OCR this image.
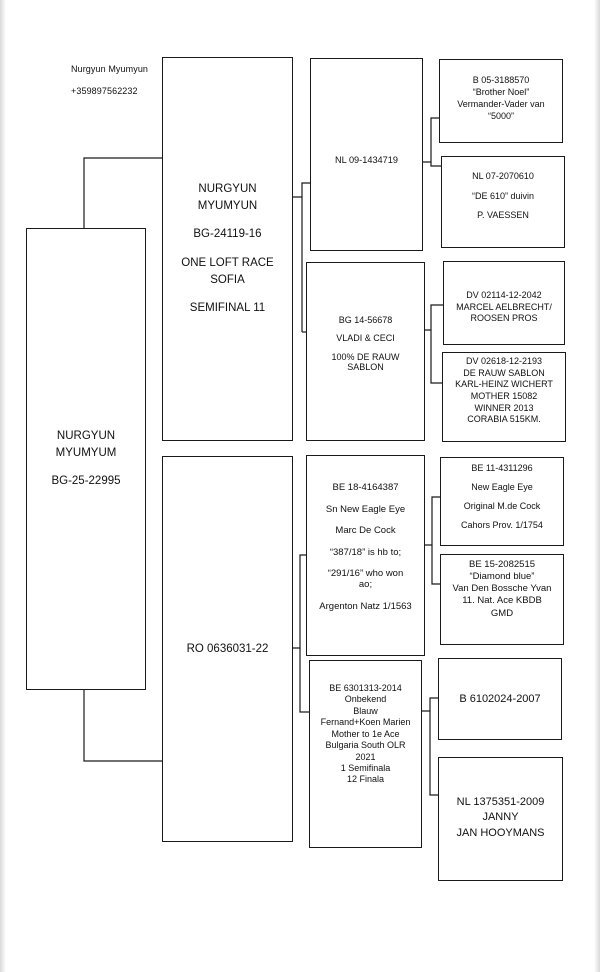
Nurgyun Myumyun
+359897562232
NURGYUN
MYUMYUM
BG-25-22995
NURGYUN
MYUMYUN
BG-24119-16
ONE LOFT RACE
SOFIA
SEMIFINAL 11
RO 0636031-22
NL 09-1434719
BG 14-56678
VLADI & CECI
100% DE RAUW
SABLON
BE 18-4164387
Sn New Eagle Eye
Marc De Cock
“387/18” is hb to;
“291/16” who won
ao;
Argenton Natz 1/1563
BE 6301313-2014
Onbekend
Blauw
Fernand+Koen Marien
Mother to 1e Ace
Bulgaria South OLR
2021
1 Semifinala
12 Finala
B 05-3188570
“Brother Noel”
Vermander-Vader van
“5000”
NL 07-2070610
“DE 610” duivin
P. VAESSEN
DV 02114-12-2042
MARCEL AELBRECHT/
ROOSEN PROS
DV 02618-12-2193
DE RAUW SABLON
KARL-HEINZ WICHERT
MOTHER 15082
WINNER 2013
CORABIA 515KM.
BE 11-4311296
New Eagle Eye
Original M.de Cock
Cahors Prov. 1/1754
BE 15-2082515
“Diamond blue”
Van Den Bossche Yvan
11. Nat. Ace KBDB
GMD
B 6102024-2007
NL 1375351-2009
JANNY
JAN HOOYMANS
